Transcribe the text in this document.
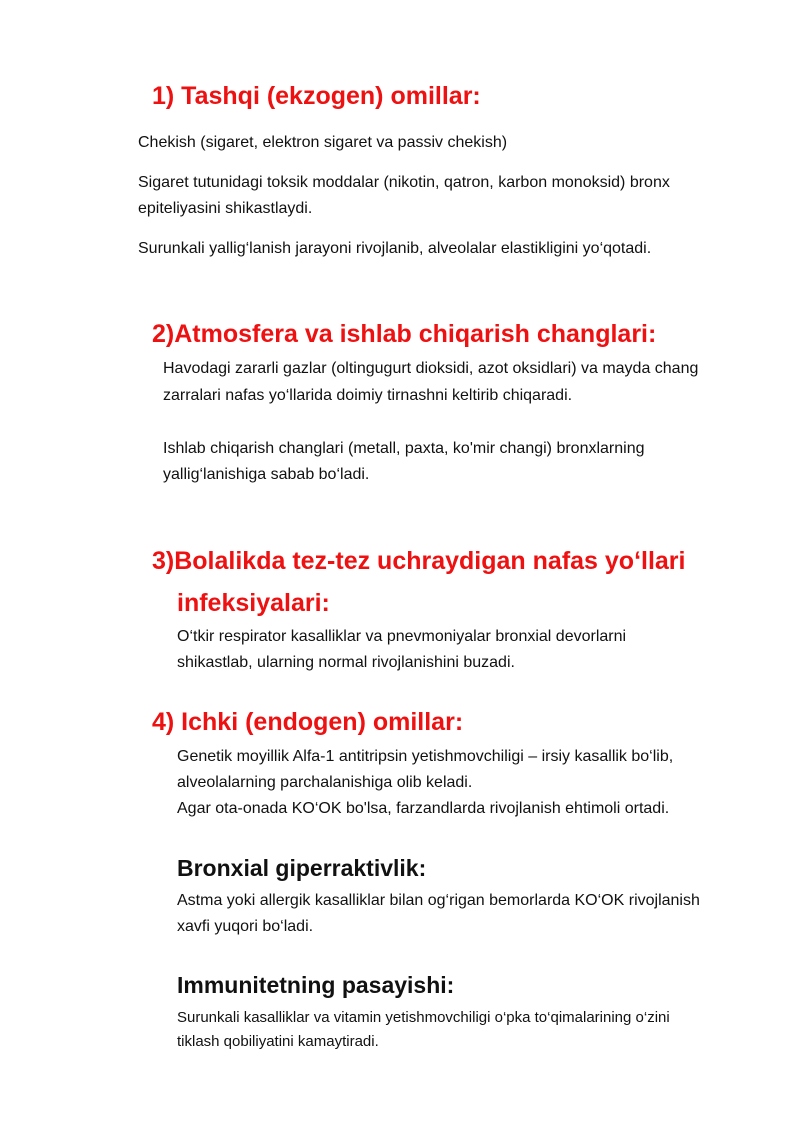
1) Tashqi (ekzogen) omillar:

Chekish (sigaret, elektron sigaret va passiv chekish)

Sigaret tutunidagi toksik moddalar (nikotin, qatron, karbon monoksid) bronx

epiteliyasini shikastlaydi.

Surunkali yallig‘lanish jarayoni rivojlanib, alveolalar elastikligini yo‘qotadi.

2)Atmosfera va ishlab chiqarish changlari:

Havodagi zararli gazlar (oltingugurt dioksidi, azot oksidlari) va mayda chang

zarralari nafas yo‘llarida doimiy tirnashni keltirib chiqaradi.

Ishlab chiqarish changlari (metall, paxta, ko'mir changi) bronxlarning

yallig‘lanishiga sabab bo‘ladi.

3)Bolalikda tez-tez uchraydigan nafas yo‘llari
infeksiyalari:

O‘tkir respirator kasalliklar va pnevmoniyalar bronxial devorlarni

shikastlab, ularning normal rivojlanishini buzadi.

4) Ichki (endogen) omillar:

Genetik moyillik Alfa-1 antitripsin yetishmovchiligi – irsiy kasallik bo‘lib,

alveolalarning parchalanishiga olib keladi.

Agar ota-onada KO‘OK bo'lsa, farzandlarda rivojlanish ehtimoli ortadi.

Bronxial giperraktivlik:

Astma yoki allergik kasalliklar bilan og‘rigan bemorlarda KO‘OK rivojlanish

xavfi yuqori bo‘ladi.

Immunitetning pasayishi:

Surunkali kasalliklar va vitamin yetishmovchiligi o‘pka to‘qimalarining o‘zini

tiklash qobiliyatini kamaytiradi.
